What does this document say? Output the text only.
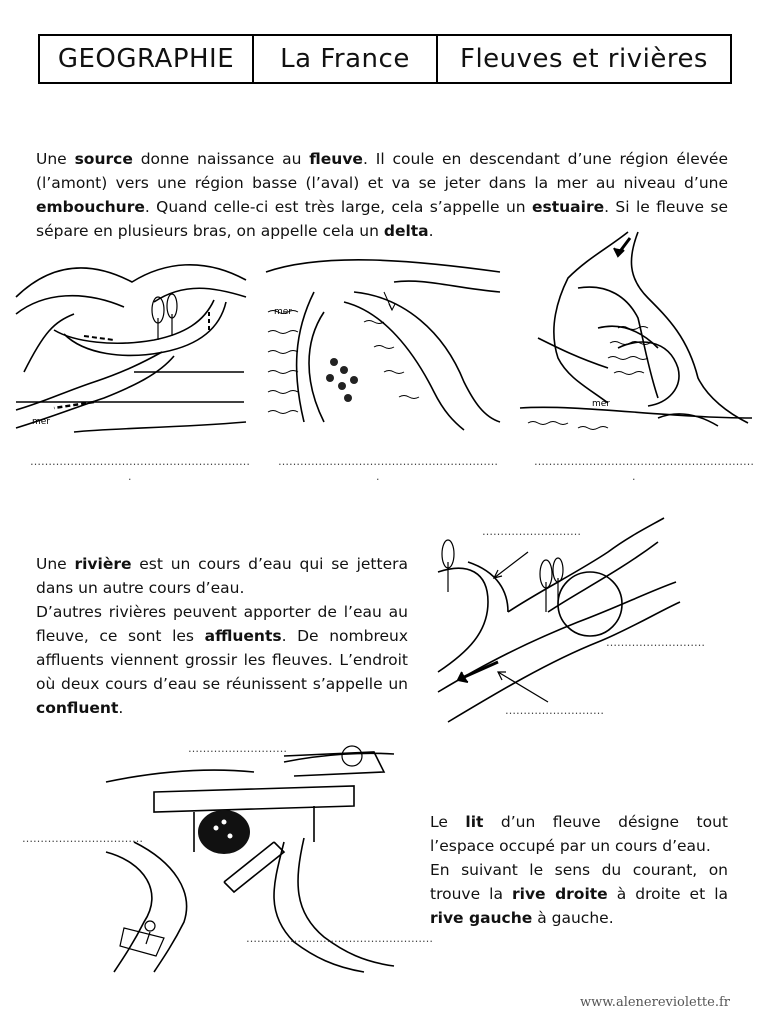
GEOGRAPHIE	La France	Fleuves et rivières

Une source donne naissance au fleuve. Il coule en descendant d’une région élevée (l’amont) vers une région basse (l’aval) et va se jeter dans la mer au niveau d’une embouchure. Quand celle-ci est très large, cela s’appelle un estuaire. Si le fleuve se sépare en plusieurs bras, on appelle cela un delta.

mer
mer
mer
……………………………………………………
.
……………………………………………………
.
……………………………………………………
.

Une rivière est un cours d’eau qui se jettera dans un autre cours d’eau.
D’autres rivières peuvent apporter de l’eau au fleuve, ce sont les affluents. De nombreux affluents viennent grossir les fleuves. L’endroit où deux cours d’eau se réunissent s’appelle un confluent.

………………………
………………………
………………………
………………………
……………………………
……………………………………………

Le lit d’un fleuve désigne tout l’espace occupé par un cours d’eau.
En suivant le sens du courant, on trouve la rive droite à droite et la rive gauche à gauche.

www.alenereviolette.fr
